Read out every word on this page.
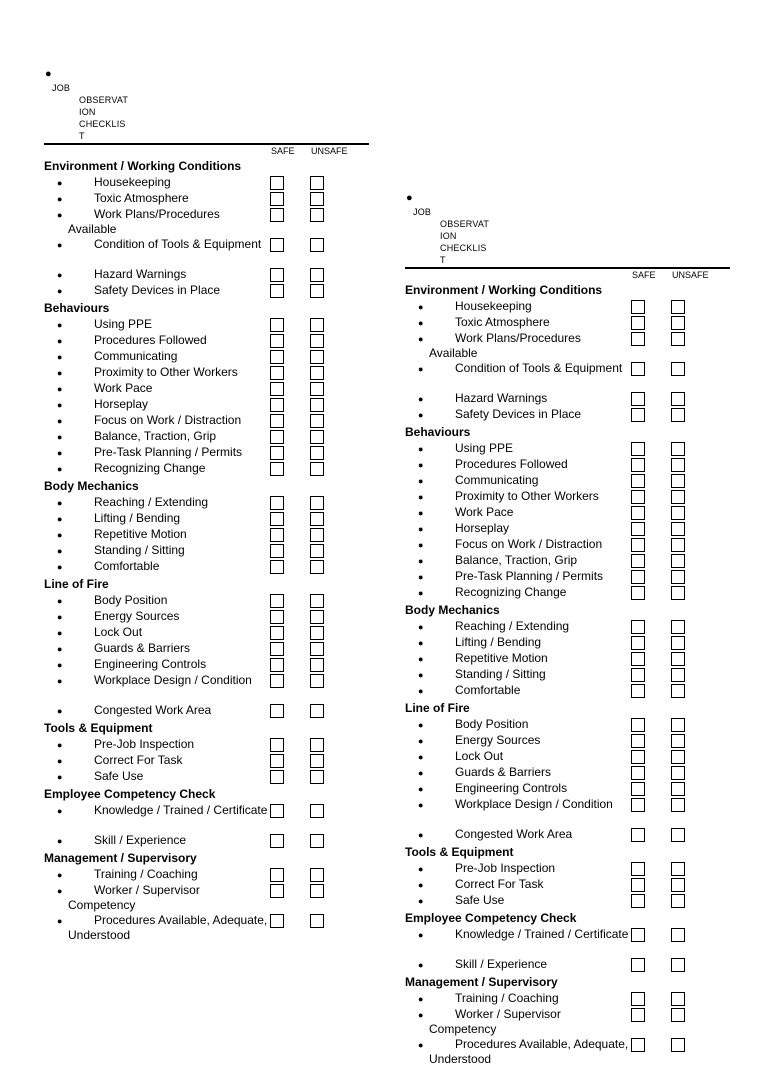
●
JOB
OBSERVAT
ION
CHECKLIS
T
SAFE UNSAFE
Environment / Working Conditions
●	Housekeeping
●	Toxic Atmosphere
●	Work Plans/Procedures Available
●	Condition of Tools & Equipment
●	Hazard Warnings
●	Safety Devices in Place
Behaviours
●	Using PPE
●	Procedures Followed
●	Communicating
●	Proximity to Other Workers
●	Work Pace
●	Horseplay
●	Focus on Work / Distraction
●	Balance, Traction, Grip
●	Pre-Task Planning / Permits
●	Recognizing Change
Body Mechanics
●	Reaching / Extending
●	Lifting / Bending
●	Repetitive Motion
●	Standing / Sitting
●	Comfortable
Line of Fire
●	Body Position
●	Energy Sources
●	Lock Out
●	Guards & Barriers
●	Engineering Controls
●	Workplace Design / Condition
●	Congested Work Area
Tools & Equipment
●	Pre-Job Inspection
●	Correct For Task
●	Safe Use
Employee Competency Check
●	Knowledge / Trained / Certificate
●	Skill / Experience
Management / Supervisory
●	Training / Coaching
●	Worker / Supervisor Competency
●	Procedures Available, Adequate, Understood
●
JOB
OBSERVAT
ION
CHECKLIS
T
SAFE UNSAFE
Environment / Working Conditions
●	Housekeeping
●	Toxic Atmosphere
●	Work Plans/Procedures Available
●	Condition of Tools & Equipment
●	Hazard Warnings
●	Safety Devices in Place
Behaviours
●	Using PPE
●	Procedures Followed
●	Communicating
●	Proximity to Other Workers
●	Work Pace
●	Horseplay
●	Focus on Work / Distraction
●	Balance, Traction, Grip
●	Pre-Task Planning / Permits
●	Recognizing Change
Body Mechanics
●	Reaching / Extending
●	Lifting / Bending
●	Repetitive Motion
●	Standing / Sitting
●	Comfortable
Line of Fire
●	Body Position
●	Energy Sources
●	Lock Out
●	Guards & Barriers
●	Engineering Controls
●	Workplace Design / Condition
●	Congested Work Area
Tools & Equipment
●	Pre-Job Inspection
●	Correct For Task
●	Safe Use
Employee Competency Check
●	Knowledge / Trained / Certificate
●	Skill / Experience
Management / Supervisory
●	Training / Coaching
●	Worker / Supervisor Competency
●	Procedures Available, Adequate, Understood
